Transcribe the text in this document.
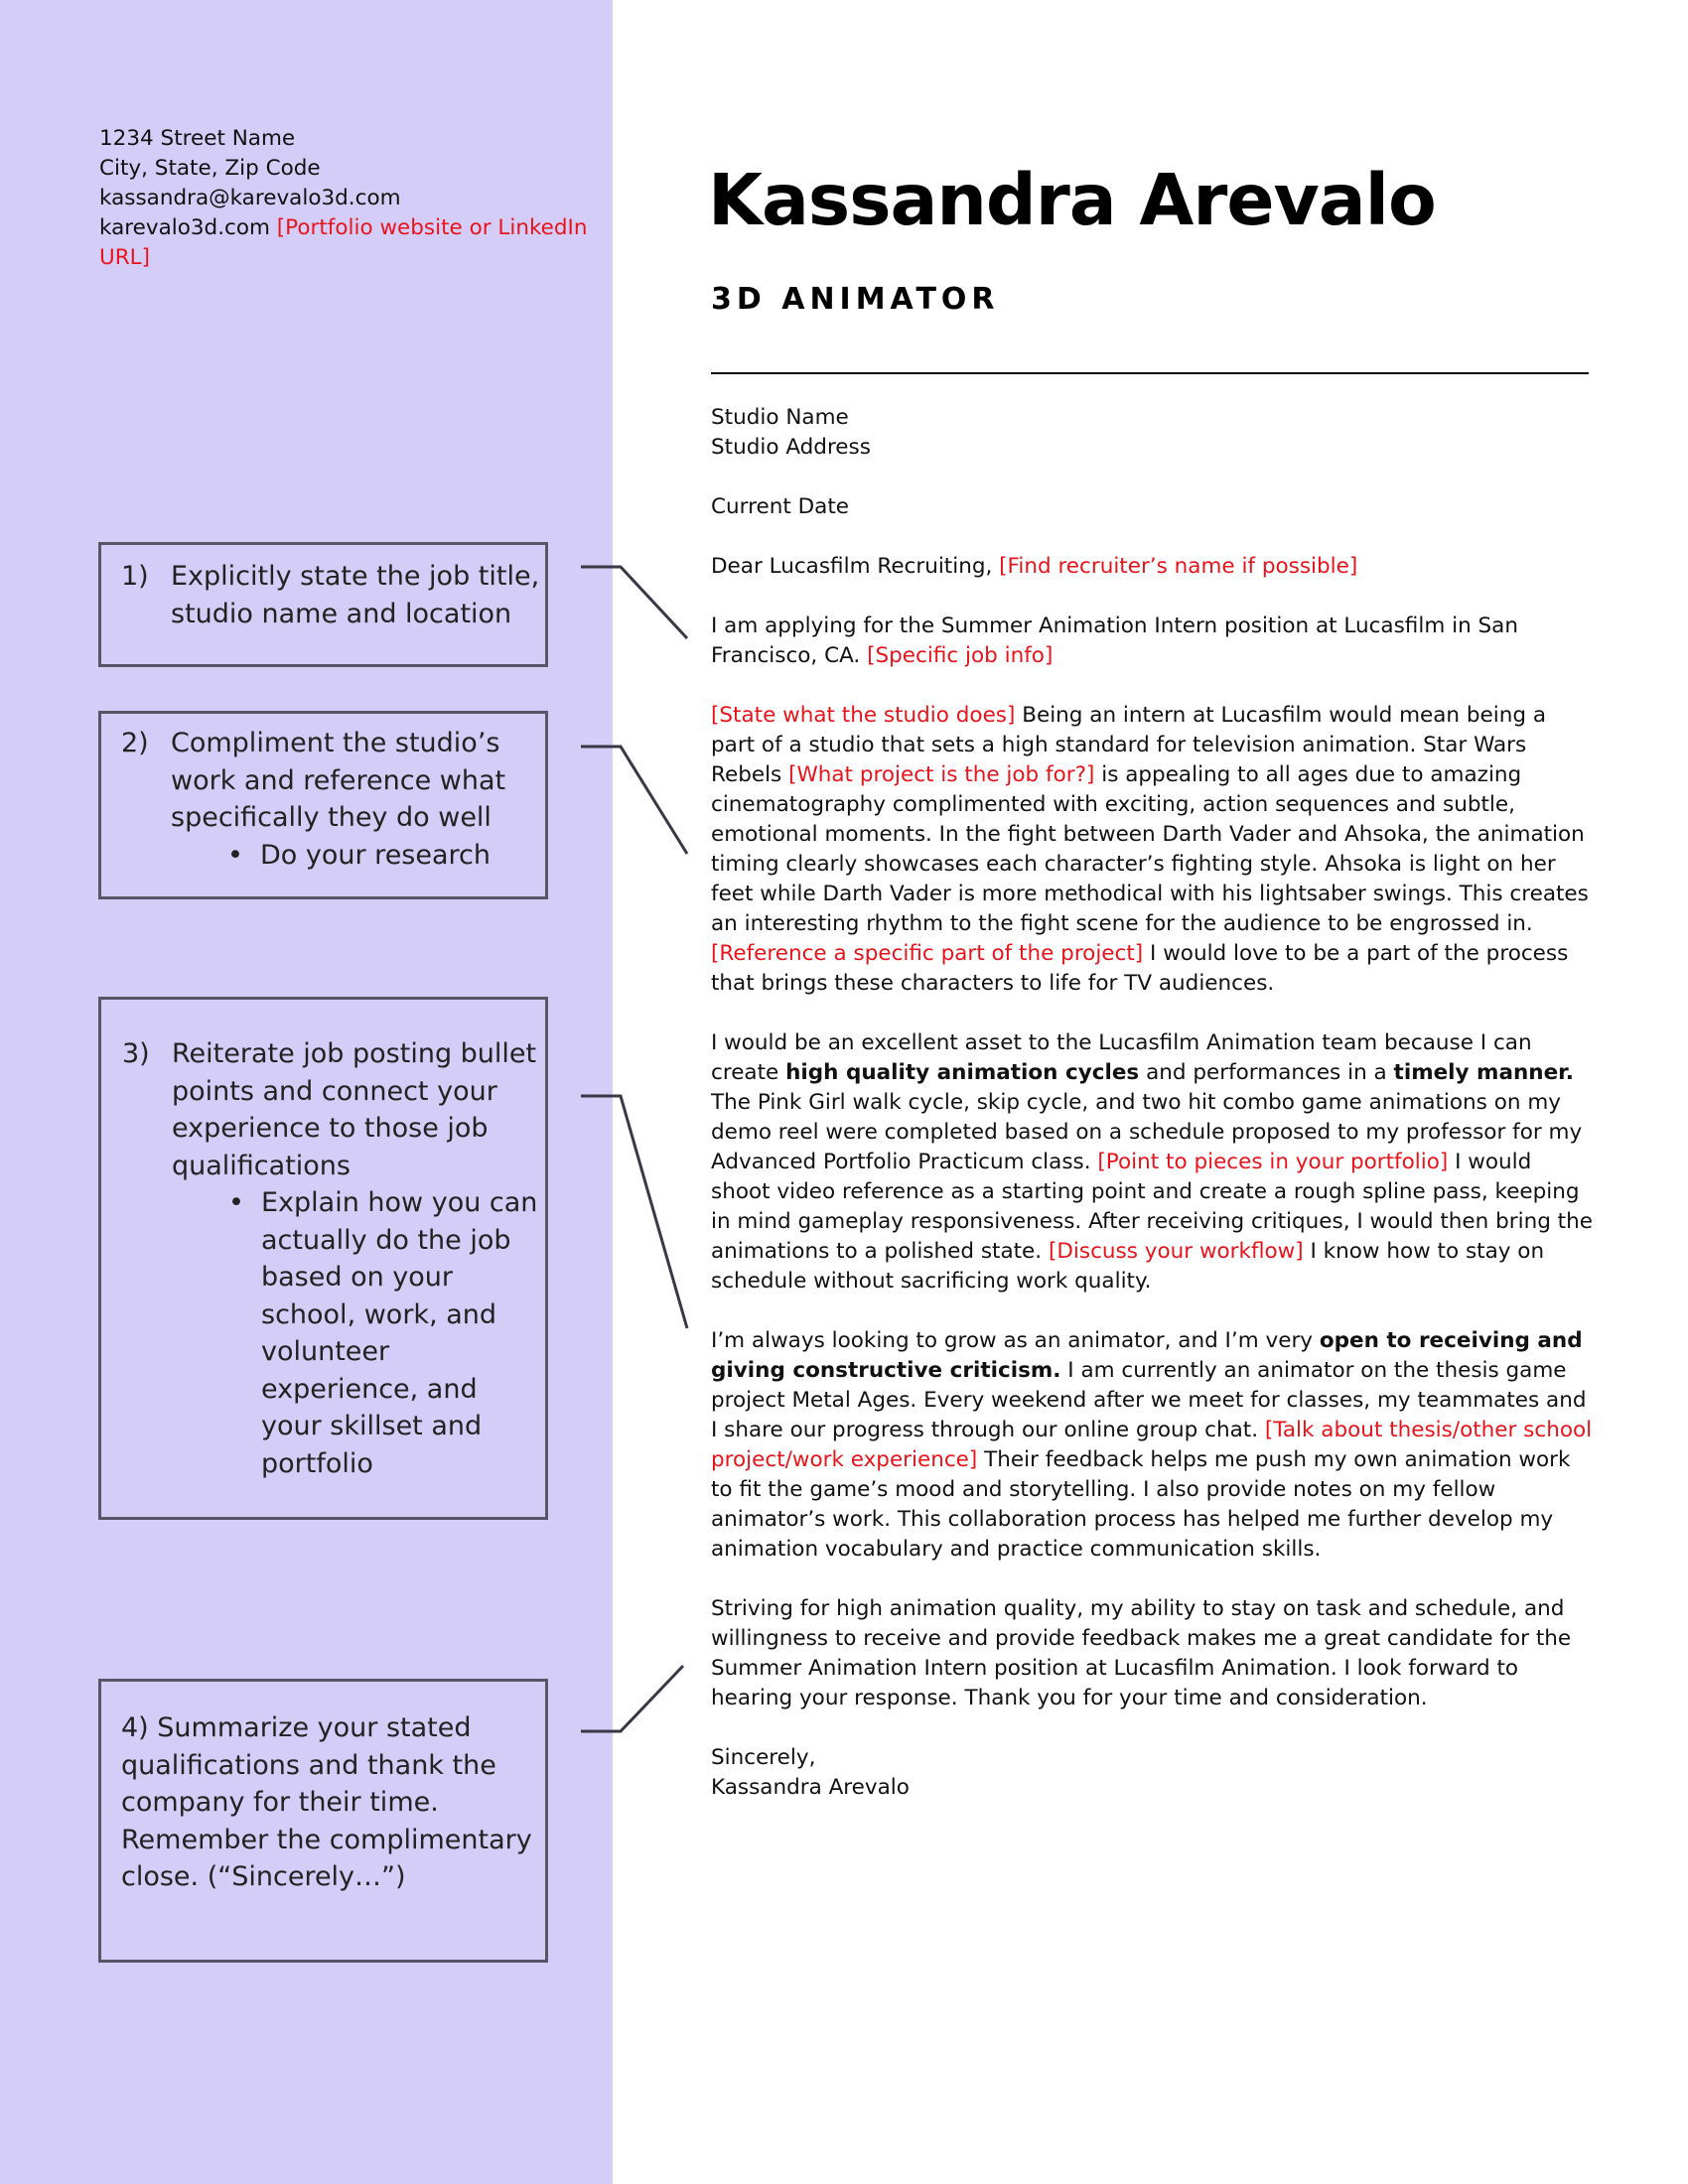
1234 Street Name
City, State, Zip Code
kassandra@karevalo3d.com
karevalo3d.com [Portfolio website or LinkedIn URL]
1) Explicitly state the job title, studio name and location
2) Compliment the studio’s work and reference what specifically they do well
• Do your research
3) Reiterate job posting bullet points and connect your experience to those job qualifications
• Explain how you can actually do the job based on your school, work, and volunteer experience, and your skillset and portfolio
4) Summarize your stated qualifications and thank the company for their time. Remember the complimentary close. (“Sincerely…”)
Kassandra Arevalo
3D ANIMATOR

Studio Name
Studio Address

Current Date

Dear Lucasfilm Recruiting, [Find recruiter’s name if possible]

I am applying for the Summer Animation Intern position at Lucasfilm in San Francisco, CA. [Specific job info]

[State what the studio does] Being an intern at Lucasfilm would mean being a part of a studio that sets a high standard for television animation. Star Wars Rebels [What project is the job for?] is appealing to all ages due to amazing cinematography complimented with exciting, action sequences and subtle, emotional moments. In the fight between Darth Vader and Ahsoka, the animation timing clearly showcases each character’s fighting style. Ahsoka is light on her feet while Darth Vader is more methodical with his lightsaber swings. This creates an interesting rhythm to the fight scene for the audience to be engrossed in. [Reference a specific part of the project] I would love to be a part of the process that brings these characters to life for TV audiences.

I would be an excellent asset to the Lucasfilm Animation team because I can create high quality animation cycles and performances in a timely manner. The Pink Girl walk cycle, skip cycle, and two hit combo game animations on my demo reel were completed based on a schedule proposed to my professor for my Advanced Portfolio Practicum class. [Point to pieces in your portfolio] I would shoot video reference as a starting point and create a rough spline pass, keeping in mind gameplay responsiveness. After receiving critiques, I would then bring the animations to a polished state. [Discuss your workflow] I know how to stay on schedule without sacrificing work quality.

I’m always looking to grow as an animator, and I’m very open to receiving and giving constructive criticism. I am currently an animator on the thesis game project Metal Ages. Every weekend after we meet for classes, my teammates and I share our progress through our online group chat. [Talk about thesis/other school project/work experience] Their feedback helps me push my own animation work to fit the game’s mood and storytelling. I also provide notes on my fellow animator’s work. This collaboration process has helped me further develop my animation vocabulary and practice communication skills.

Striving for high animation quality, my ability to stay on task and schedule, and willingness to receive and provide feedback makes me a great candidate for the Summer Animation Intern position at Lucasfilm Animation. I look forward to hearing your response. Thank you for your time and consideration.

Sincerely,
Kassandra Arevalo
